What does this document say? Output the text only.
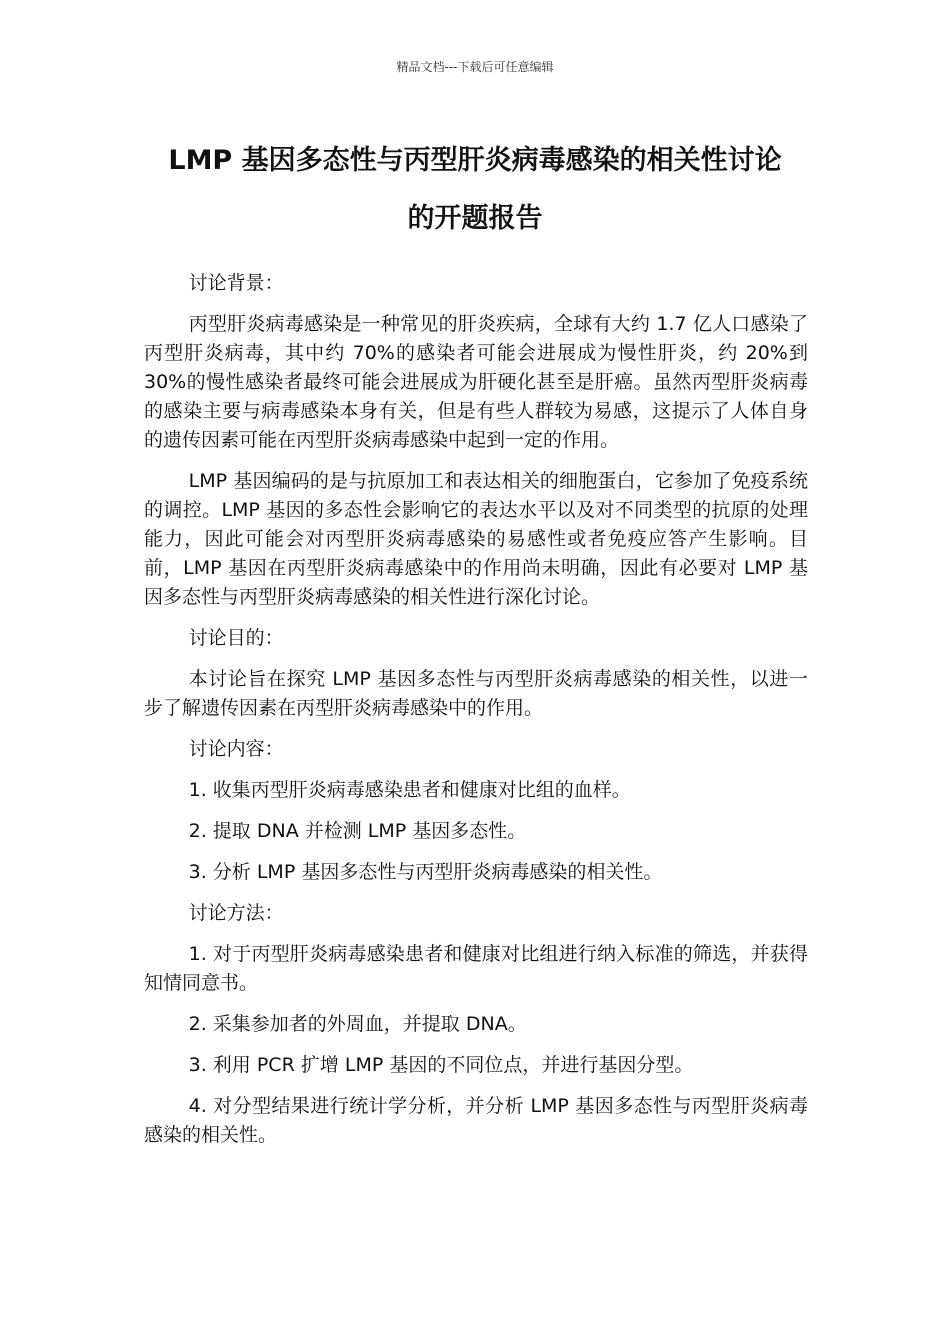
精品文档---下载后可任意编辑
LMP 基因多态性与丙型肝炎病毒感染的相关性讨论
的开题报告

讨论背景：

丙型肝炎病毒感染是一种常见的肝炎疾病，全球有大约 1.7 亿人口感染了丙型肝炎病毒，其中约 70%的感染者可能会进展成为慢性肝炎，约 20%到 30%的慢性感染者最终可能会进展成为肝硬化甚至是肝癌。虽然丙型肝炎病毒的感染主要与病毒感染本身有关，但是有些人群较为易感，这提示了人体自身的遗传因素可能在丙型肝炎病毒感染中起到一定的作用。

LMP 基因编码的是与抗原加工和表达相关的细胞蛋白，它参加了免疫系统的调控。LMP 基因的多态性会影响它的表达水平以及对不同类型的抗原的处理能力，因此可能会对丙型肝炎病毒感染的易感性或者免疫应答产生影响。目前，LMP 基因在丙型肝炎病毒感染中的作用尚未明确，因此有必要对 LMP 基因多态性与丙型肝炎病毒感染的相关性进行深化讨论。

讨论目的：

本讨论旨在探究 LMP 基因多态性与丙型肝炎病毒感染的相关性，以进一步了解遗传因素在丙型肝炎病毒感染中的作用。

讨论内容：

1. 收集丙型肝炎病毒感染患者和健康对比组的血样。

2. 提取 DNA 并检测 LMP 基因多态性。

3. 分析 LMP 基因多态性与丙型肝炎病毒感染的相关性。

讨论方法：

1. 对于丙型肝炎病毒感染患者和健康对比组进行纳入标准的筛选，并获得知情同意书。

2. 采集参加者的外周血，并提取 DNA。

3. 利用 PCR 扩增 LMP 基因的不同位点，并进行基因分型。

4. 对分型结果进行统计学分析，并分析 LMP 基因多态性与丙型肝炎病毒感染的相关性。
